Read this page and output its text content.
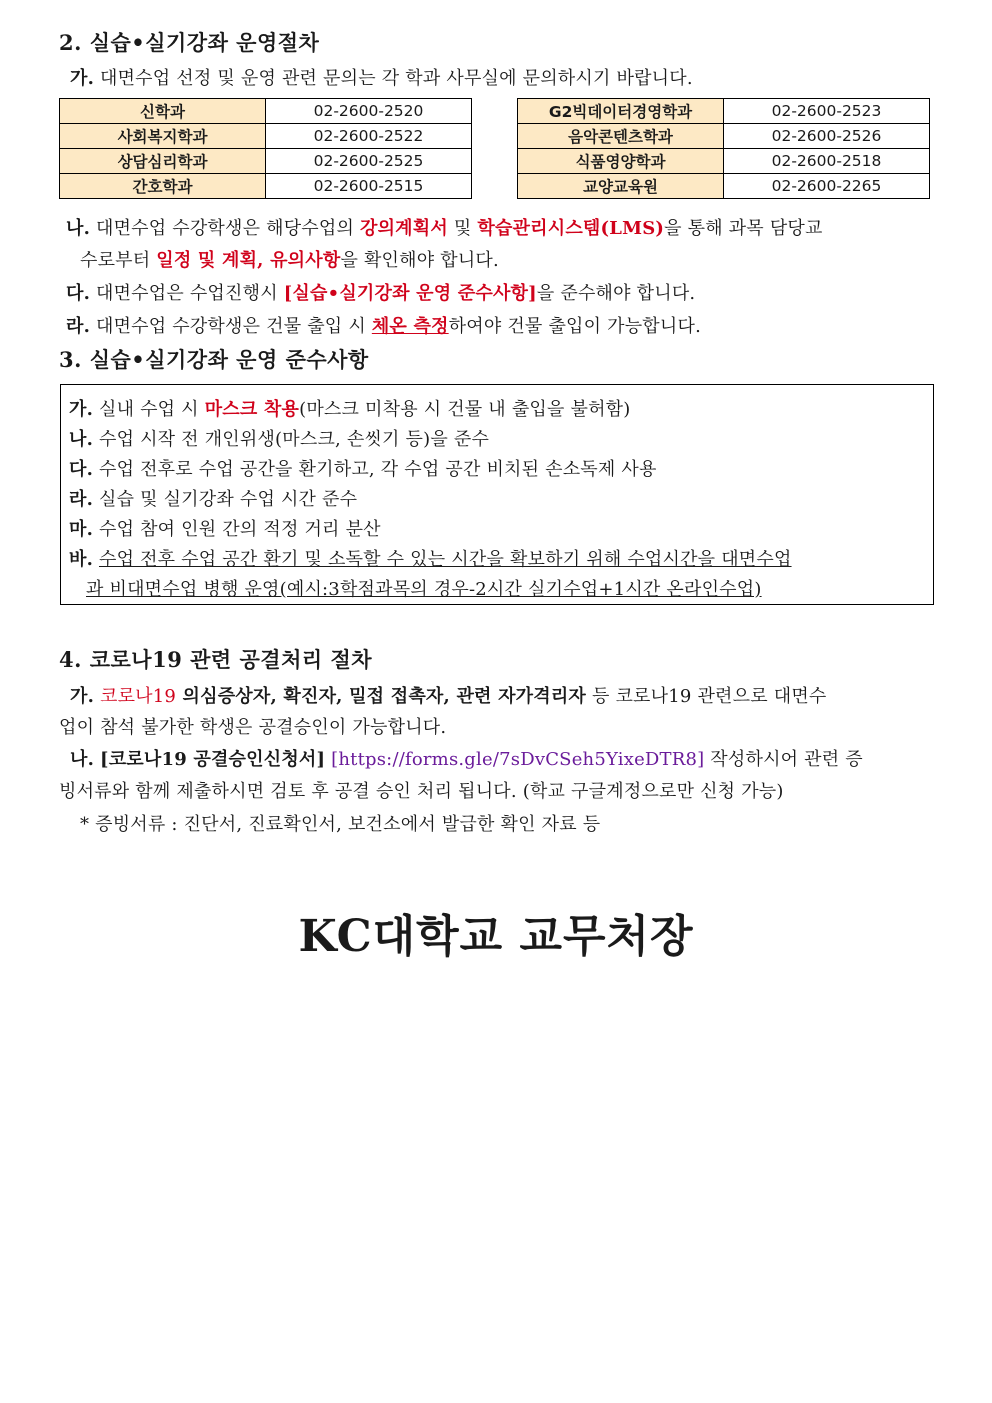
2. 실습•실기강좌 운영절차
가. 대면수업 선정 및 운영 관련 문의는 각 학과 사무실에 문의하시기 바랍니다.
신학과	02-2600-2520
사회복지학과	02-2600-2522
상담심리학과	02-2600-2525
간호학과	02-2600-2515
G2빅데이터경영학과	02-2600-2523
음악콘텐츠학과	02-2600-2526
식품영양학과	02-2600-2518
교양교육원	02-2600-2265
나. 대면수업 수강학생은 해당수업의 강의계획서 및 학습관리시스템(LMS)을 통해 과목 담당교
수로부터 일정 및 계획, 유의사항을 확인해야 합니다.
다. 대면수업은 수업진행시 [실습•실기강좌 운영 준수사항]을 준수해야 합니다.
라. 대면수업 수강학생은 건물 출입 시 체온 측정하여야 건물 출입이 가능합니다.
3. 실습•실기강좌 운영 준수사항
가. 실내 수업 시 마스크 착용(마스크 미착용 시 건물 내 출입을 불허함)
나. 수업 시작 전 개인위생(마스크, 손씻기 등)을 준수
다. 수업 전후로 수업 공간을 환기하고, 각 수업 공간 비치된 손소독제 사용
라. 실습 및 실기강좌 수업 시간 준수
마. 수업 참여 인원 간의 적정 거리 분산
바. 수업 전후 수업 공간 환기 및 소독할 수 있는 시간을 확보하기 위해 수업시간을 대면수업
과 비대면수업 병행 운영(예시:3학점과목의 경우-2시간 실기수업+1시간 온라인수업)
4. 코로나19 관련 공결처리 절차
가. 코로나19 의심증상자, 확진자, 밀접 접촉자, 관련 자가격리자 등 코로나19 관련으로 대면수
업이 참석 불가한 학생은 공결승인이 가능합니다.
나. [코로나19 공결승인신청서] [https://forms.gle/7sDvCSeh5YixeDTR8] 작성하시어 관련 증
빙서류와 함께 제출하시면 검토 후 공결 승인 처리 됩니다. (학교 구글계정으로만 신청 가능)
* 증빙서류 : 진단서, 진료확인서, 보건소에서 발급한 확인 자료 등
KC대학교 교무처장
